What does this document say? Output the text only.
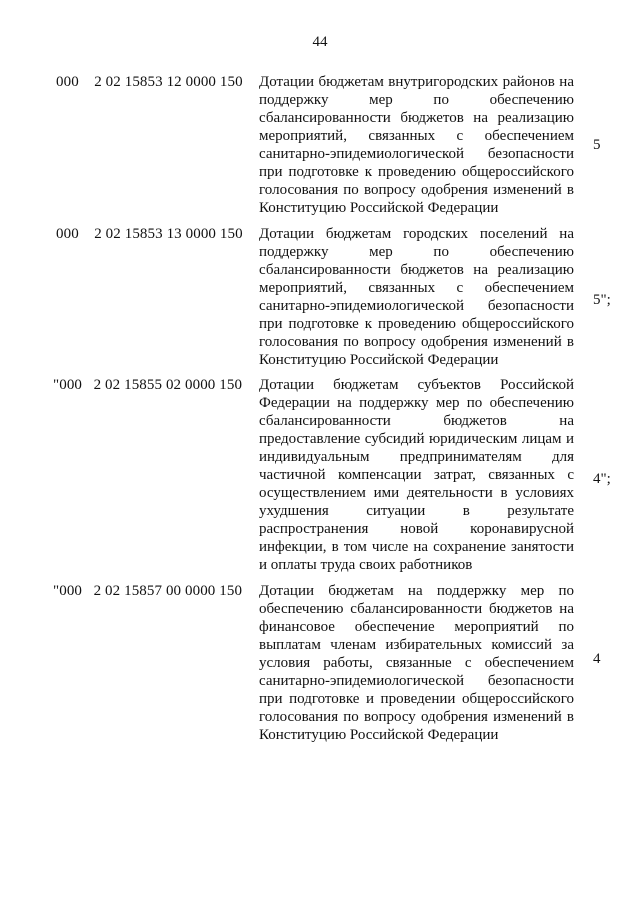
44
000 2 02 15853 12 0000 150 Дотации бюджетам внутригородских районов на поддержку мер по обеспечению сбалансированности бюджетов на реализацию мероприятий, связанных с обеспечением санитарно-эпидемиологической безопасности при подготовке к проведению общероссийского голосования по вопросу одобрения изменений в Конституцию Российской Федерации
5
000 2 02 15853 13 0000 150 Дотации бюджетам городских поселений на поддержку мер по обеспечению сбалансированности бюджетов на реализацию мероприятий, связанных с обеспечением санитарно-эпидемиологической безопасности при подготовке к проведению общероссийского голосования по вопросу одобрения изменений в Конституцию Российской Федерации
5";
"000 2 02 15855 02 0000 150 Дотации бюджетам субъектов Российской Федерации на поддержку мер по обеспечению сбалансированности бюджетов на предоставление субсидий юридическим лицам и индивидуальным предпринимателям для частичной компенсации затрат, связанных с осуществлением ими деятельности в условиях ухудшения ситуации в результате распространения новой коронавирусной инфекции, в том числе на сохранение занятости и оплаты труда своих работников
4";
"000 2 02 15857 00 0000 150 Дотации бюджетам на поддержку мер по обеспечению сбалансированности бюджетов на финансовое обеспечение мероприятий по выплатам членам избирательных комиссий за условия работы, связанные с обеспечением санитарно-эпидемиологической безопасности при подготовке и проведении общероссийского голосования по вопросу одобрения изменений в Конституцию Российской Федерации
4
